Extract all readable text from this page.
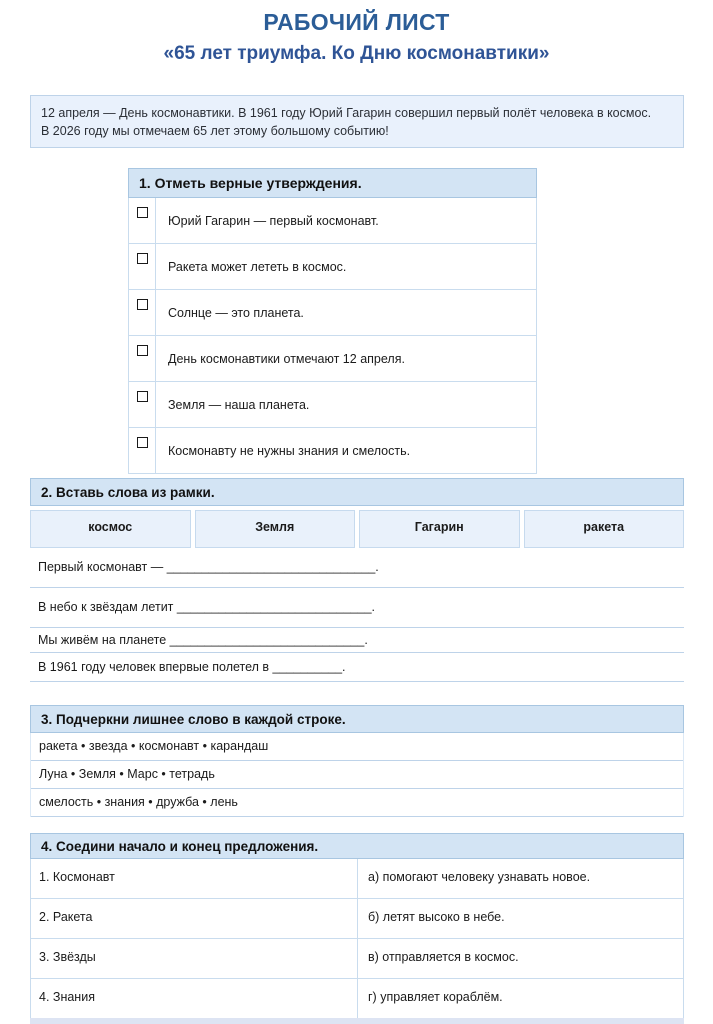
РАБОЧИЙ ЛИСТ
«65 лет триумфа. Ко Дню космонавтики»
12 апреля — День космонавтики. В 1961 году Юрий Гагарин совершил первый полёт человека в космос.
В 2026 году мы отмечаем 65 лет этому большому событию!
1. Отметь верные утверждения.
Юрий Гагарин — первый космонавт.
Ракета может лететь в космос.
Солнце — это планета.
День космонавтики отмечают 12 апреля.
Земля — наша планета.
Космонавту не нужны знания и смелость.
2. Вставь слова из рамки.
космос	Земля	Гагарин	ракета
Первый космонавт — ______________________________.
В небо к звёздам летит ____________________________.
Мы живём на планете ____________________________.
В 1961 году человек впервые полетел в __________.
3. Подчеркни лишнее слово в каждой строке.
ракета • звезда • космонавт • карандаш
Луна • Земля • Марс • тетрадь
смелость • знания • дружба • лень
4. Соедини начало и конец предложения.
1. Космонавт	а) помогают человеку узнавать новое.
2. Ракета	б) летят высоко в небе.
3. Звёзды	в) отправляется в космос.
4. Знания	г) управляет кораблём.
